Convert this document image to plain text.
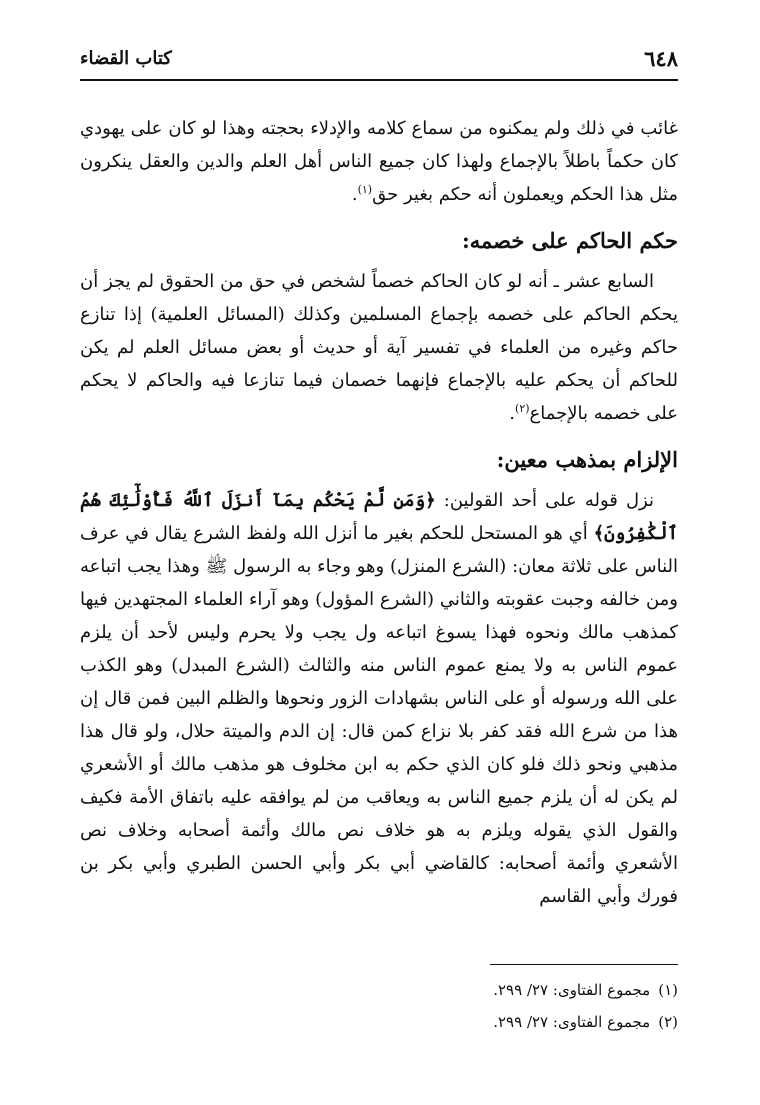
٦٤٨
كتاب القضاء

غائب في ذلك ولم يمكنوه من سماع كلامه والإدلاء بحجته وهذا لو كان على يهودي كان حكماً باطلاً بالإجماع ولهذا كان جميع الناس أهل العلم والدين والعقل ينكرون مثل هذا الحكم ويعملون أنه حكم بغير حق$^{(١)}$.

حكم الحاكم على خصمه:

السابع عشر ـ أنه لو كان الحاكم خصماً لشخص في حق من الحقوق لم يجز أن يحكم الحاكم على خصمه بإجماع المسلمين وكذلك (المسائل العلمية) إذا تنازع حاكم وغيره من العلماء في تفسير آية أو حديث أو بعض مسائل العلم لم يكن للحاكم أن يحكم عليه بالإجماع فإنهما خصمان فيما تنازعا فيه والحاكم لا يحكم على خصمه بالإجماع$^{(٢)}$.

الإلزام بمذهب معين:

نزل قوله على أحد القولين: ﴿وَمَن لَّمْ يَحْكُم بِمَآ أَنزَلَ ٱللَّهُ فَأُوْلَٰٓئِكَ هُمُ ٱلْكَٰفِرُونَ﴾ أي هو المستحل للحكم بغير ما أنزل الله ولفظ الشرع يقال في عرف الناس على ثلاثة معان: (الشرع المنزل) وهو وجاء به الرسول ﷺ وهذا يجب اتباعه ومن خالفه وجبت عقوبته والثاني (الشرع المؤول) وهو آراء العلماء المجتهدين فيها كمذهب مالك ونحوه فهذا يسوغ اتباعه ول يجب ولا يحرم وليس لأحد أن يلزم عموم الناس به ولا يمنع عموم الناس منه والثالث (الشرع المبدل) وهو الكذب على الله ورسوله أو على الناس بشهادات الزور ونحوها والظلم البين فمن قال إن هذا من شرع الله فقد كفر بلا نزاع كمن قال: إن الدم والميتة حلال، ولو قال هذا مذهبي ونحو ذلك فلو كان الذي حكم به ابن مخلوف هو مذهب مالك أو الأشعري لم يكن له أن يلزم جميع الناس به ويعاقب من لم يوافقه عليه باتفاق الأمة فكيف والقول الذي يقوله ويلزم به هو خلاف نص مالك وأئمة أصحابه وخلاف نص الأشعري وأئمة أصحابه: كالقاضي أبي بكر وأبي الحسن الطبري وأبي بكر بن فورك وأبي القاسم

(١)مجموع الفتاوى: ٢٧/ ٢٩٩.
(٢)مجموع الفتاوى: ٢٧/ ٢٩٩.
